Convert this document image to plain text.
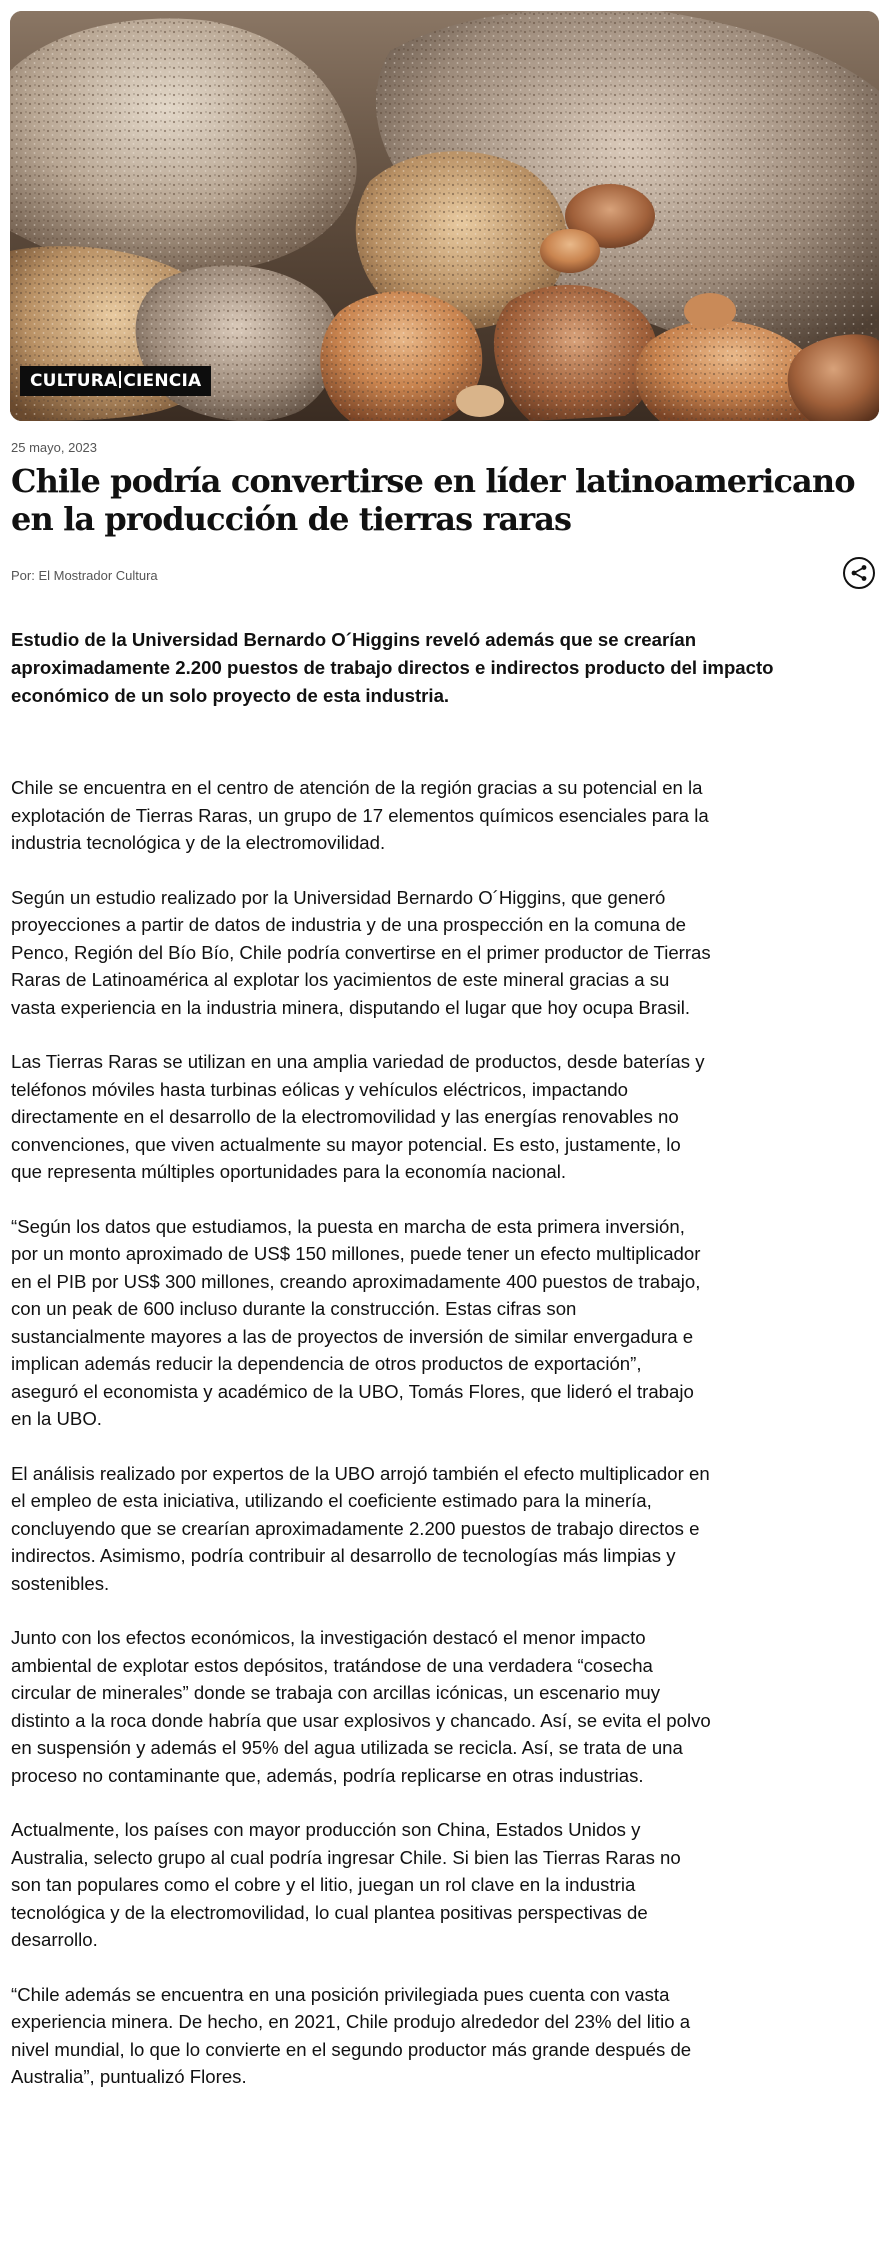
CULTURA CIENCIA
25 mayo, 2023
Chile podría convertirse en líder latinoamericano en la producción de tierras raras
Por: El Mostrador Cultura

Estudio de la Universidad Bernardo O´Higgins reveló además que se crearían aproximadamente 2.200 puestos de trabajo directos e indirectos producto del impacto económico de un solo proyecto de esta industria.

Chile se encuentra en el centro de atención de la región gracias a su potencial en la explotación de Tierras Raras, un grupo de 17 elementos químicos esenciales para la industria tecnológica y de la electromovilidad.

Según un estudio realizado por la Universidad Bernardo O´Higgins, que generó proyecciones a partir de datos de industria y de una prospección en la comuna de Penco, Región del Bío Bío, Chile podría convertirse en el primer productor de Tierras Raras de Latinoamérica al explotar los yacimientos de este mineral gracias a su vasta experiencia en la industria minera, disputando el lugar que hoy ocupa Brasil.

Las Tierras Raras se utilizan en una amplia variedad de productos, desde baterías y teléfonos móviles hasta turbinas eólicas y vehículos eléctricos, impactando directamente en el desarrollo de la electromovilidad y las energías renovables no convenciones, que viven actualmente su mayor potencial. Es esto, justamente, lo que representa múltiples oportunidades para la economía nacional.

“Según los datos que estudiamos, la puesta en marcha de esta primera inversión, por un monto aproximado de US$ 150 millones, puede tener un efecto multiplicador en el PIB por US$ 300 millones, creando aproximadamente 400 puestos de trabajo, con un peak de 600 incluso durante la construcción. Estas cifras son sustancialmente mayores a las de proyectos de inversión de similar envergadura e implican además reducir la dependencia de otros productos de exportación”, aseguró el economista y académico de la UBO, Tomás Flores, que lideró el trabajo en la UBO.

El análisis realizado por expertos de la UBO arrojó también el efecto multiplicador en el empleo de esta iniciativa, utilizando el coeficiente estimado para la minería, concluyendo que se crearían aproximadamente 2.200 puestos de trabajo directos e indirectos. Asimismo, podría contribuir al desarrollo de tecnologías más limpias y sostenibles.

Junto con los efectos económicos, la investigación destacó el menor impacto ambiental de explotar estos depósitos, tratándose de una verdadera “cosecha circular de minerales” donde se trabaja con arcillas icónicas, un escenario muy distinto a la roca donde habría que usar explosivos y chancado. Así, se evita el polvo en suspensión y además el 95% del agua utilizada se recicla. Así, se trata de una proceso no contaminante que, además, podría replicarse en otras industrias.

Actualmente, los países con mayor producción son China, Estados Unidos y Australia, selecto grupo al cual podría ingresar Chile. Si bien las Tierras Raras no son tan populares como el cobre y el litio, juegan un rol clave en la industria tecnológica y de la electromovilidad, lo cual plantea positivas perspectivas de desarrollo.

“Chile además se encuentra en una posición privilegiada pues cuenta con vasta experiencia minera. De hecho, en 2021, Chile produjo alrededor del 23% del litio a nivel mundial, lo que lo convierte en el segundo productor más grande después de Australia”, puntualizó Flores.
